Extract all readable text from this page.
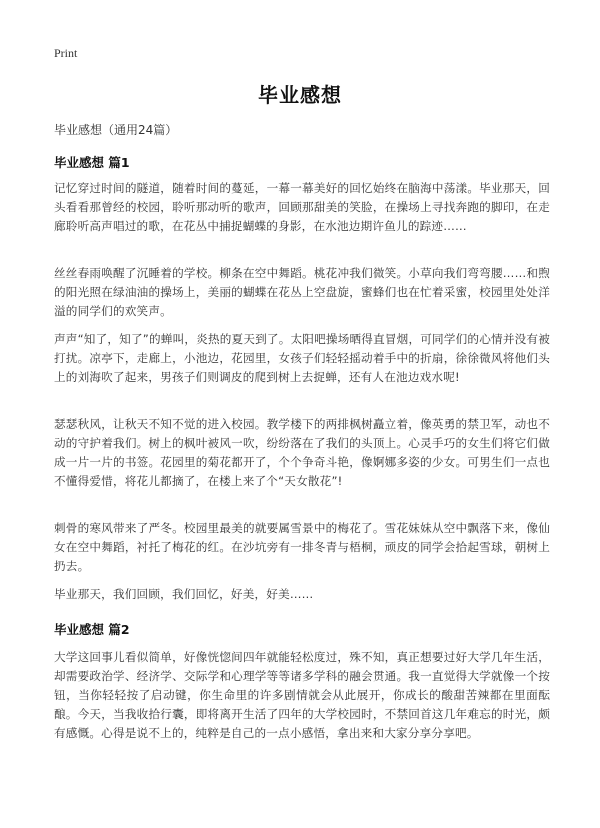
Print
毕业感想
毕业感想（通用24篇）
毕业感想 篇1
记忆穿过时间的隧道，随着时间的蔓延，一幕一幕美好的回忆始终在脑海中荡漾。毕业那天，回头看看那曾经的校园，聆听那动听的歌声，回顾那甜美的笑脸，在操场上寻找奔跑的脚印，在走廊聆听高声唱过的歌，在花丛中捕捉蝴蝶的身影，在水池边期许鱼儿的踪迹……
丝丝春雨唤醒了沉睡着的学校。柳条在空中舞蹈。桃花冲我们微笑。小草向我们弯弯腰……和煦的阳光照在绿油油的操场上，美丽的蝴蝶在花丛上空盘旋，蜜蜂们也在忙着采蜜，校园里处处洋溢的同学们的欢笑声。
声声“知了，知了”的蝉叫，炎热的夏天到了。太阳吧操场晒得直冒烟，可同学们的心情并没有被打扰。凉亭下，走廊上，小池边，花园里，女孩子们轻轻摇动着手中的折扇，徐徐微风将他们头上的刘海吹了起来，男孩子们则调皮的爬到树上去捉蝉，还有人在池边戏水呢!
瑟瑟秋风，让秋天不知不觉的进入校园。教学楼下的两排枫树矗立着，像英勇的禁卫军，动也不动的守护着我们。树上的枫叶被风一吹，纷纷落在了我们的头顶上。心灵手巧的女生们将它们做成一片一片的书签。花园里的菊花都开了，个个争奇斗艳，像婀娜多姿的少女。可男生们一点也不懂得爱惜，将花儿都摘了，在楼上来了个“天女散花”!
刺骨的寒风带来了严冬。校园里最美的就要属雪景中的梅花了。雪花妹妹从空中飘落下来，像仙女在空中舞蹈，衬托了梅花的红。在沙坑旁有一排冬青与梧桐，顽皮的同学会拾起雪球，朝树上扔去。
毕业那天，我们回顾，我们回忆，好美，好美……
毕业感想 篇2
大学这回事儿看似简单，好像恍惚间四年就能轻松度过，殊不知，真正想要过好大学几年生活，却需要政治学、经济学、交际学和心理学等等诸多学科的融会贯通。我一直觉得大学就像一个按钮，当你轻轻按了启动键，你生命里的许多剧情就会从此展开，你成长的酸甜苦辣都在里面酝酿。今天，当我收拾行囊，即将离开生活了四年的大学校园时，不禁回首这几年难忘的时光，颇有感慨。心得是说不上的，纯粹是自己的一点小感悟，拿出来和大家分享分享吧。
